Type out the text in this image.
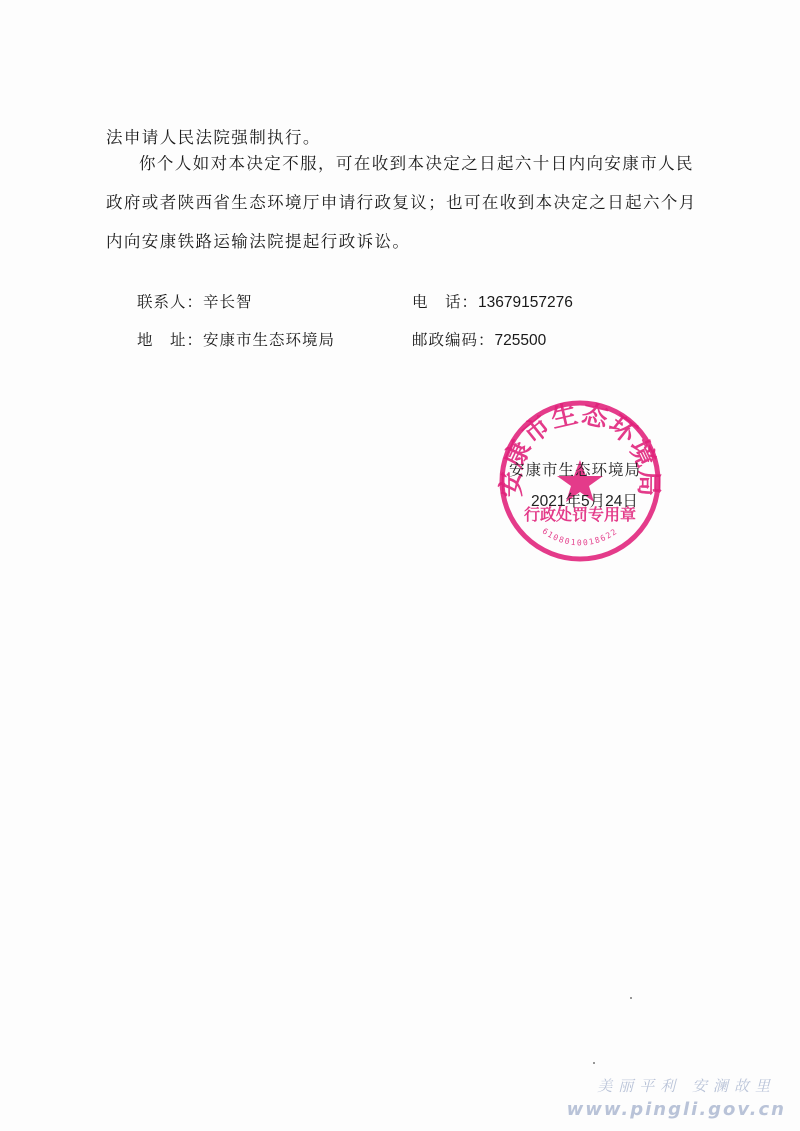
法申请人民法院强制执行。

你个人如对本决定不服，可在收到本决定之日起六十日内向安康市人民政府或者陕西省生态环境厅申请行政复议；也可在收到本决定之日起六个月内向安康铁路运输法院提起行政诉讼。

联系人：辛长智
地　址：安康市生态环境局
电　话：13679157276
邮政编码：725500
安康市生态环境局
行政处罚专用章
6108010018622
安康市生态环境局
2021年5月24日
美丽平利 安澜故里
www.pingli.gov.cn
